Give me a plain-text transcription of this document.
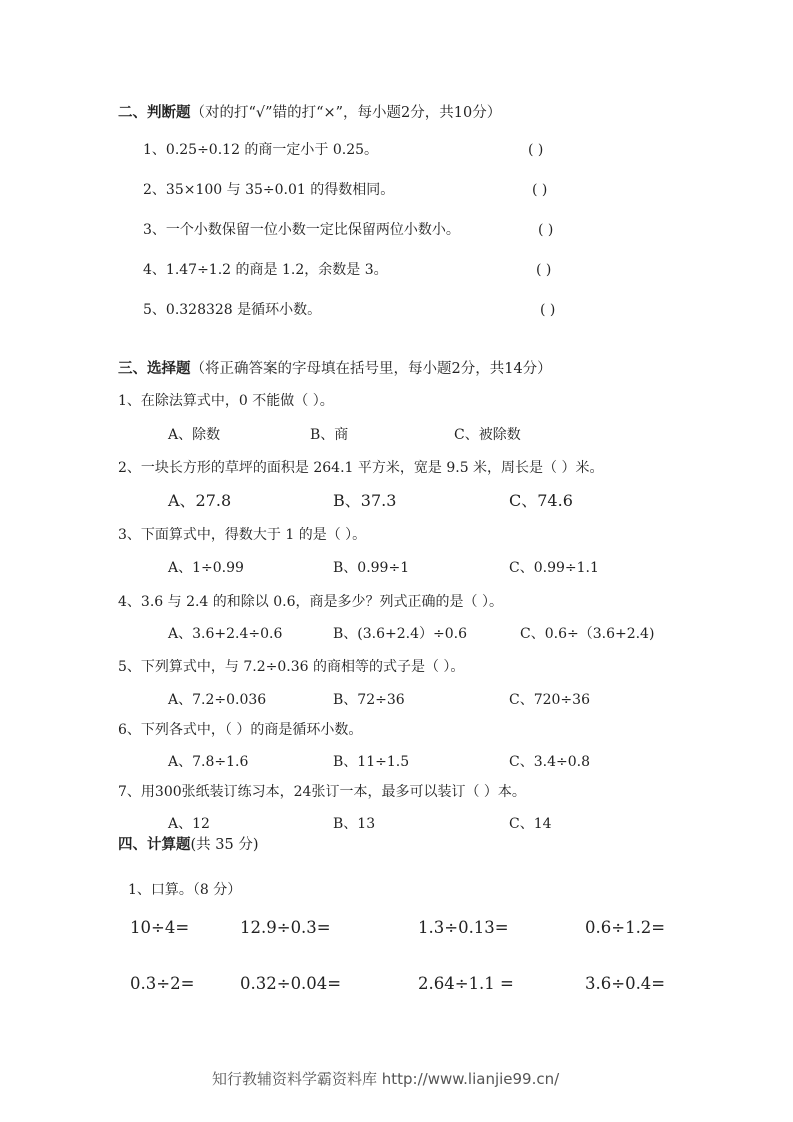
二、判断题（对的打“√”错的打“×”，每小题2分，共10分）
1、0.25÷0.12 的商一定小于 0.25。	( )
2、35×100 与 35÷0.01 的得数相同。	( )
3、一个小数保留一位小数一定比保留两位小数小。	( )
4、1.47÷1.2 的商是 1.2，余数是 3。	( )
5、0.328328 是循环小数。	( )
三、选择题（将正确答案的字母填在括号里，每小题2分，共14分）
1、在除法算式中，0 不能做（ ）。
A、除数	B、商	C、被除数
2、一块长方形的草坪的面积是 264.1 平方米，宽是 9.5 米，周长是（ ）米。
A、27.8	B、37.3	C、74.6
3、下面算式中，得数大于 1 的是（ ）。
A、1÷0.99	B、0.99÷1	C、0.99÷1.1
4、3.6 与 2.4 的和除以 0.6，商是多少？列式正确的是（ ）。
A、3.6+2.4÷0.6	B、(3.6+2.4）÷0.6	C、0.6÷（3.6+2.4)
5、下列算式中，与 7.2÷0.36 的商相等的式子是（ ）。
A、7.2÷0.036	B、72÷36	C、720÷36
6、下列各式中，（ ）的商是循环小数。
A、7.8÷1.6	B、11÷1.5	C、3.4÷0.8
7、用300张纸装订练习本，24张订一本，最多可以装订（ ）本。
A、12	B、13	C、14
四、计算题(共 35 分)
1、口算。（8 分）
10÷4=	12.9÷0.3=	1.3÷0.13=	0.6÷1.2=
0.3÷2=	0.32÷0.04=	2.64÷1.1 =	3.6÷0.4=
知行教辅资料学霸资料库 http://www.lianjie99.cn/
